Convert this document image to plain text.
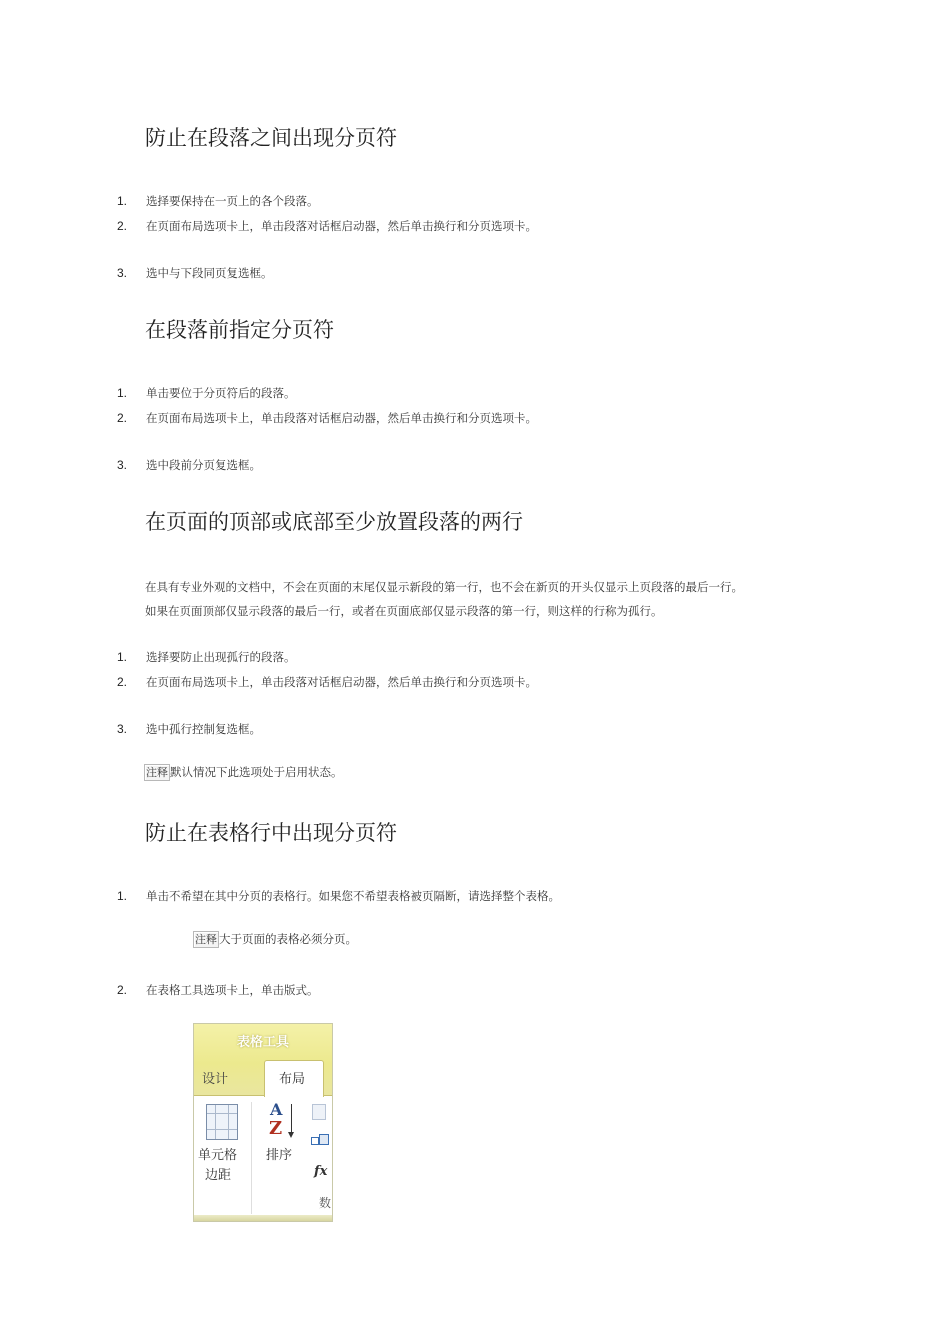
防止在段落之间出现分页符
1. 选择要保持在一页上的各个段落。
2. 在页面布局选项卡上，单击段落对话框启动器，然后单击换行和分页选项卡。
3. 选中与下段同页复选框。
在段落前指定分页符
1. 单击要位于分页符后的段落。
2. 在页面布局选项卡上，单击段落对话框启动器，然后单击换行和分页选项卡。
3. 选中段前分页复选框。
在页面的顶部或底部至少放置段落的两行
在具有专业外观的文档中，不会在页面的末尾仅显示新段的第一行，也不会在新页的开头仅显示上页段落的最后一行。
如果在页面顶部仅显示段落的最后一行，或者在页面底部仅显示段落的第一行，则这样的行称为孤行。
1. 选择要防止出现孤行的段落。
2. 在页面布局选项卡上，单击段落对话框启动器，然后单击换行和分页选项卡。
3. 选中孤行控制复选框。
注释 默认情况下此选项处于启用状态。
防止在表格行中出现分页符
1. 单击不希望在其中分页的表格行。如果您不希望表格被页隔断，请选择整个表格。
注释 大于页面的表格必须分页。
2. 在表格工具选项卡上，单击版式。
表格工具
设计	布局
单元格
边距
A
Z
排序
fx
数
